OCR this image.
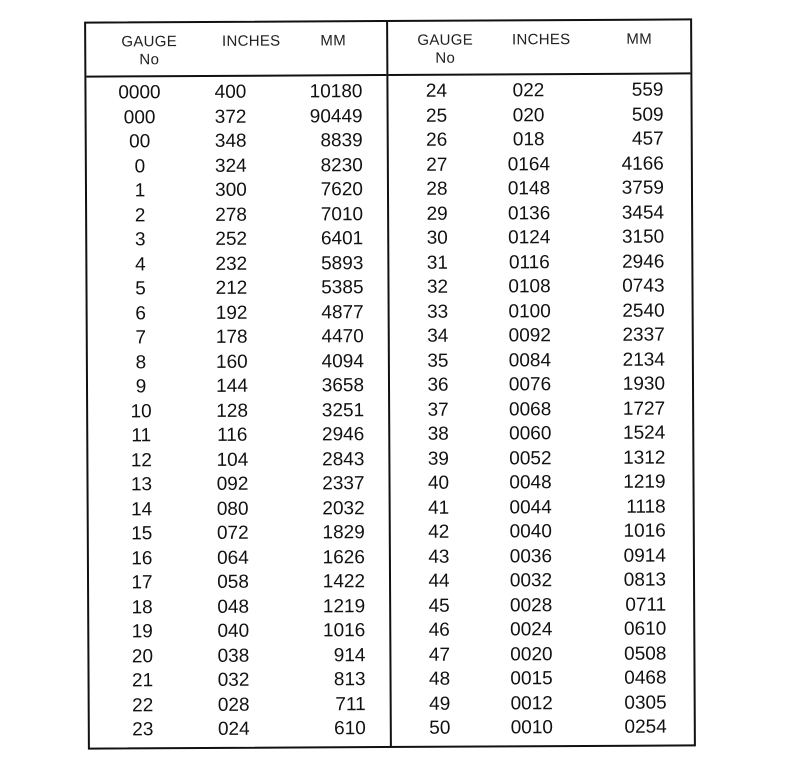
GAUGE
No
INCHES	MM
0000	400	10180
000	372	90449
00	348	8839
0	324	8230
1	300	7620
2	278	7010
3	252	6401
4	232	5893
5	212	5385
6	192	4877
7	178	4470
8	160	4094
9	144	3658
10	128	3251
11	116	2946
12	104	2843
13	092	2337
14	080	2032
15	072	1829
16	064	1626
17	058	1422
18	048	1219
19	040	1016
20	038	914
21	032	813
22	028	711
23	024	610
GAUGE
No
INCHES	MM
24	022	559
25	020	509
26	018	457
27	0164	4166
28	0148	3759
29	0136	3454
30	0124	3150
31	0116	2946
32	0108	0743
33	0100	2540
34	0092	2337
35	0084	2134
36	0076	1930
37	0068	1727
38	0060	1524
39	0052	1312
40	0048	1219
41	0044	1118
42	0040	1016
43	0036	0914
44	0032	0813
45	0028	0711
46	0024	0610
47	0020	0508
48	0015	0468
49	0012	0305
50	0010	0254
